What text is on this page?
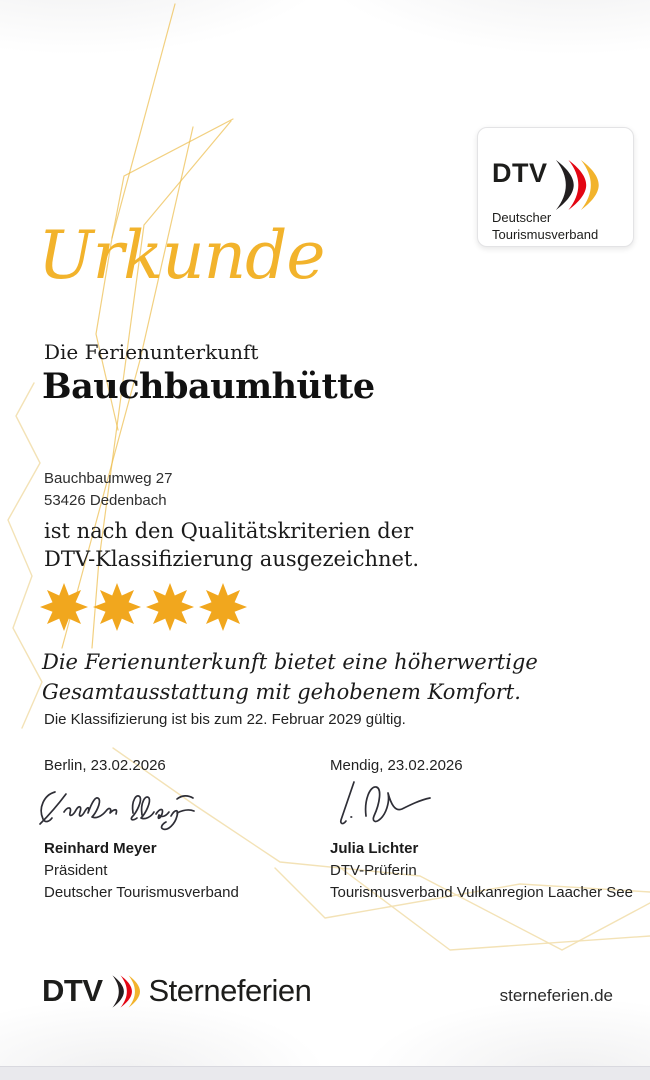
DTV
Deutscher
Tourismusverband
Urkunde
Die Ferienunterkunft
Bauchbaumhütte
Bauchbaumweg 27
53426 Dedenbach
ist nach den Qualitätskriterien der
DTV-Klassifizierung ausgezeichnet.
Die Ferienunterkunft bietet eine höherwertige
Gesamtausstattung mit gehobenem Komfort.
Die Klassifizierung ist bis zum 22. Februar 2029 gültig.
Berlin, 23.02.2026
Reinhard Meyer
Präsident
Deutscher Tourismusverband
Mendig, 23.02.2026
Julia Lichter
DTV-Prüferin
Tourismusverband Vulkanregion Laacher See
DTV Sterneferien	sterneferien.de
